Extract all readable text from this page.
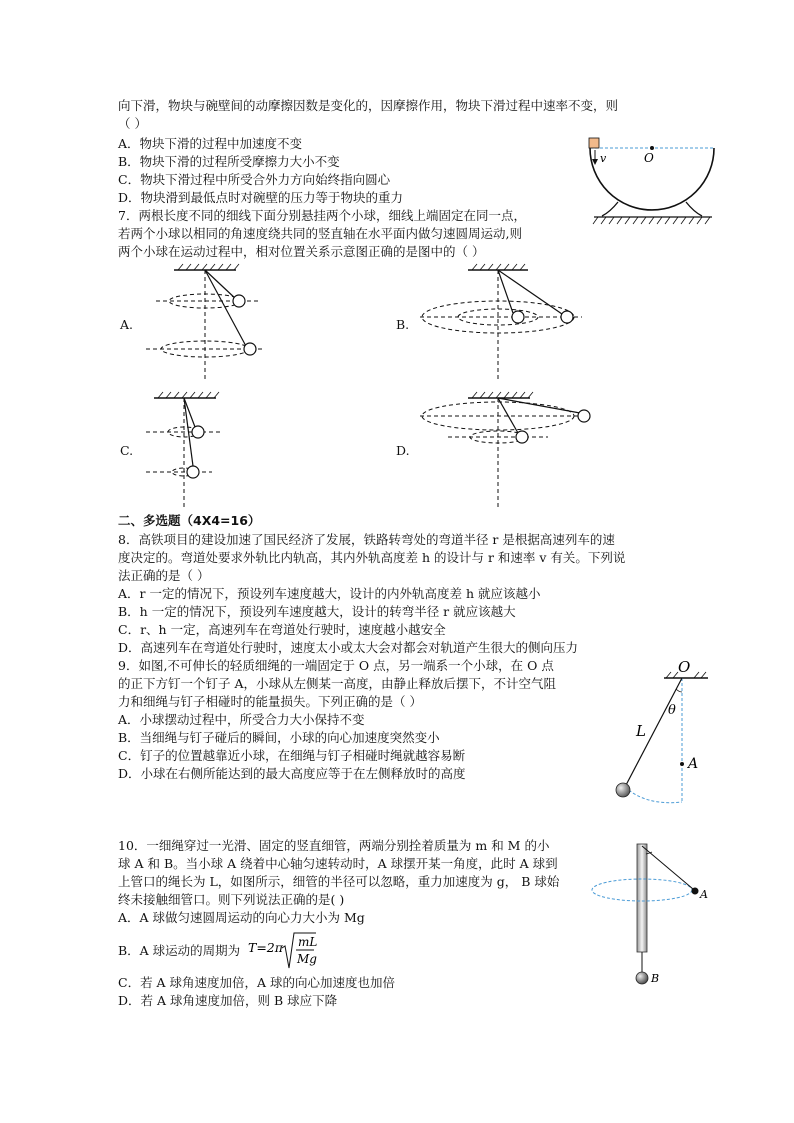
向下滑，物块与碗壁间的动摩擦因数是变化的，因摩擦作用，物块下滑过程中速率不变，则
（ ）
A．物块下滑的过程中加速度不变
B．物块下滑的过程所受摩擦力大小不变
C．物块下滑过程中所受合外力方向始终指向圆心
D．物块滑到最低点时对碗壁的压力等于物块的重力
v	O
7．两根长度不同的细线下面分别悬挂两个小球，细线上端固定在同一点，
若两个小球以相同的角速度绕共同的竖直轴在水平面内做匀速圆周运动,则
两个小球在运动过程中，相对位置关系示意图正确的是图中的（ ）
A.	B.
C.	D.
二、多选题（4X4=16）
8．高铁项目的建设加速了国民经济了发展，铁路转弯处的弯道半径 r 是根据高速列车的速
度决定的。弯道处要求外轨比内轨高，其内外轨高度差 h 的设计与 r 和速率 v 有关。下列说
法正确的是（ ）
A．r 一定的情况下，预设列车速度越大，设计的内外轨高度差 h 就应该越小
B．h 一定的情况下，预设列车速度越大，设计的转弯半径 r 就应该越大
C．r、h 一定，高速列车在弯道处行驶时，速度越小越安全
D．高速列车在弯道处行驶时，速度太小或太大会对都会对轨道产生很大的侧向压力
9．如图,不可伸长的轻质细绳的一端固定于 O 点，另一端系一个小球，在 O 点
的正下方钉一个钉子 A，小球从左侧某一高度，由静止释放后摆下，不计空气阻
力和细绳与钉子相碰时的能量损失。下列正确的是（ ）
A．小球摆动过程中，所受合力大小保持不变
B．当细绳与钉子碰后的瞬间，小球的向心加速度突然变小
C．钉子的位置越靠近小球，在细绳与钉子相碰时绳就越容易断
D．小球在右侧所能达到的最大高度应等于在左侧释放时的高度
O
θ
L
A
10．一细绳穿过一光滑、固定的竖直细管，两端分别拴着质量为 m 和 M 的小
球 A 和 B。当小球 A 绕着中心轴匀速转动时，A 球摆开某一角度，此时 A 球到
上管口的绳长为 L，如图所示，细管的半径可以忽略，重力加速度为 g， B 球始
终未接触细管口。则下列说法正确的是( )
A．A 球做匀速圆周运动的向心力大小为 Mg
B．A 球运动的周期为 T=2π mL
Mg
C．若 A 球角速度加倍，A 球的向心加速度也加倍
D．若 A 球角速度加倍，则 B 球应下降
A
B
